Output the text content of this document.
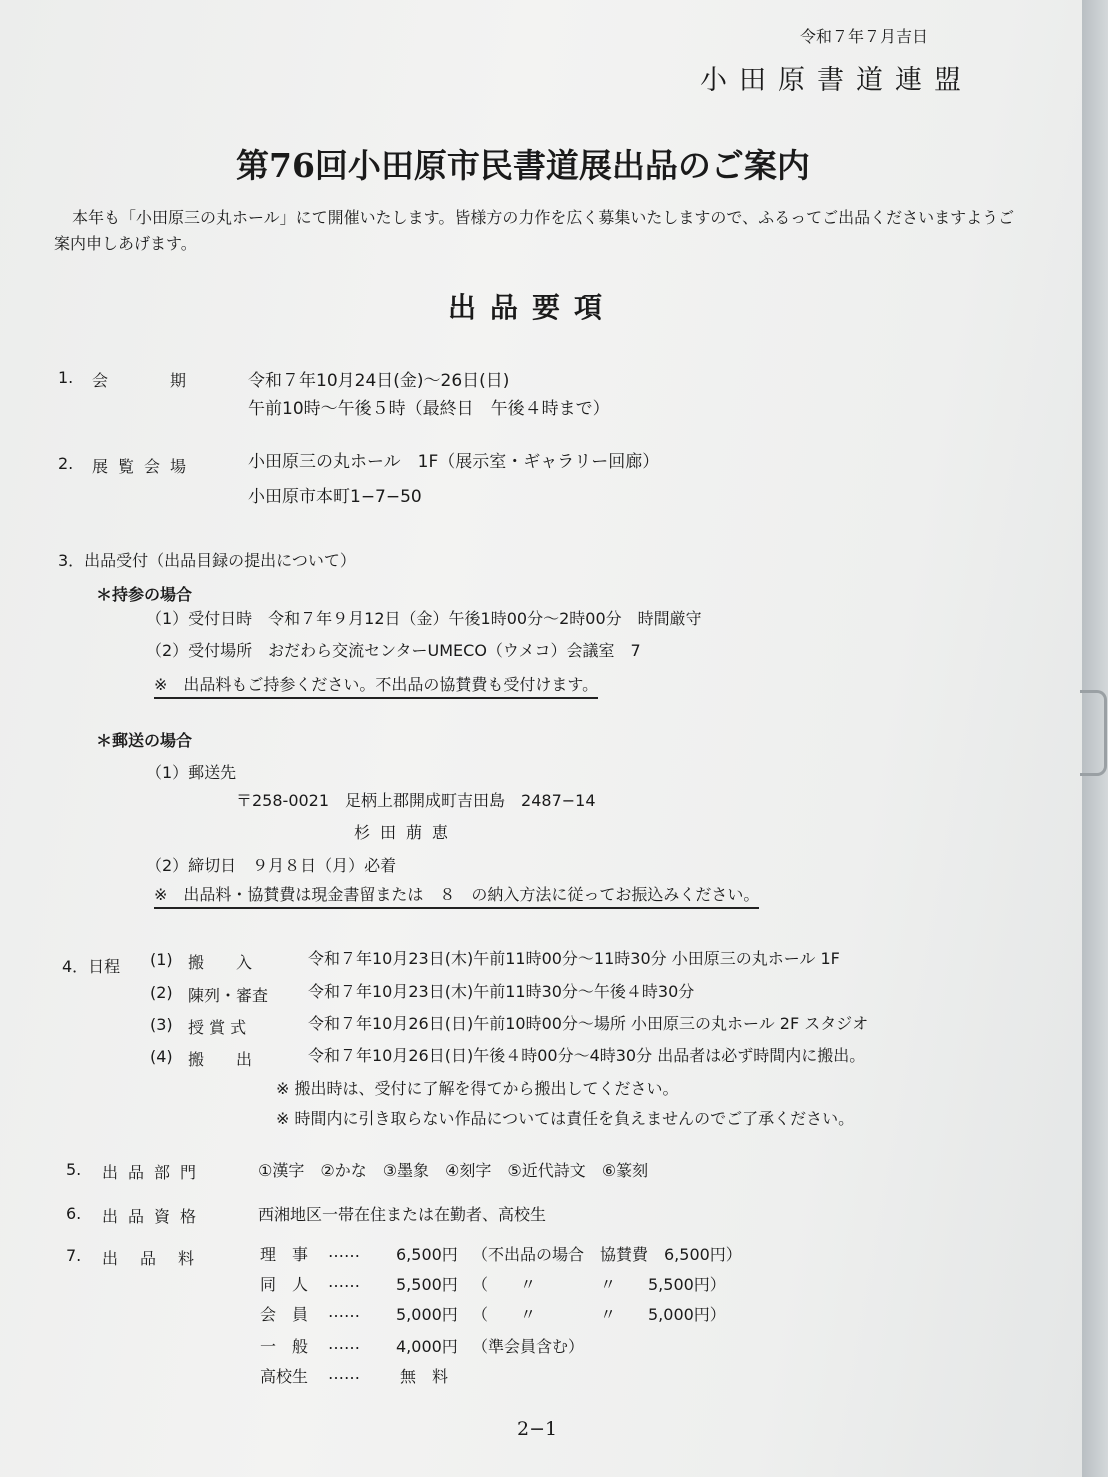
令和７年７月吉日
小田原書道連盟
第76回小田原市民書道展出品のご案内
本年も「小田原三の丸ホール」にて開催いたします。皆様方の力作を広く募集いたしますので、ふるってご出品くださいますようご案内申しあげます。
出品要項
1. 会　　期	令和７年10月24日(金)〜26日(日)
午前10時〜午後５時（最終日　午後４時まで）
2. 展覧会場	小田原三の丸ホール　1F（展示室・ギャラリー回廊）
小田原市本町1−7−50
3．出品受付（出品目録の提出について）
＊持参の場合
（1）受付日時　令和７年９月12日（金）午後1時00分〜2時00分　時間厳守
（2）受付場所　おだわら交流センターUMECO（ウメコ）会議室　7
※　出品料もご持参ください。不出品の協賛費も受付けます。
＊郵送の場合
（1）郵送先
〒258-0021　足柄上郡開成町吉田島　2487−14
杉田萠恵
（2）締切日　９月８日（月）必着
※　出品料・協賛費は現金書留または　８　の納入方法に従ってお振込みください。
4．日程 (1) 搬　　入	令和７年10月23日(木)午前11時00分〜11時30分 小田原三の丸ホール 1F
(2) 陳列・審査 令和７年10月23日(木)午前11時30分〜午後４時30分
(3) 授 賞 式	令和７年10月26日(日)午前10時00分〜場所 小田原三の丸ホール 2F スタジオ
(4) 搬　　出	令和７年10月26日(日)午後４時00分〜4時30分 出品者は必ず時間内に搬出。
※ 搬出時は、受付に了解を得てから搬出してください。
※ 時間内に引き取らない作品については責任を負えませんのでご了承ください。
5. 出品部門	①漢字　②かな　③墨象　④刻字　⑤近代詩文　⑥篆刻
6. 出品資格	西湘地区一帯在住または在勤者、高校生
7. 出品料	理　事 …… 6,500円 （不出品の場合　協賛費　6,500円）
同　人 …… 5,500円 （　　〃　　　　〃　　5,500円）
会　員 …… 5,000円 （　　〃　　　　〃　　5,000円）
一　般 …… 4,000円 （準会員含む）
高校生 ……	無　料
2−1
